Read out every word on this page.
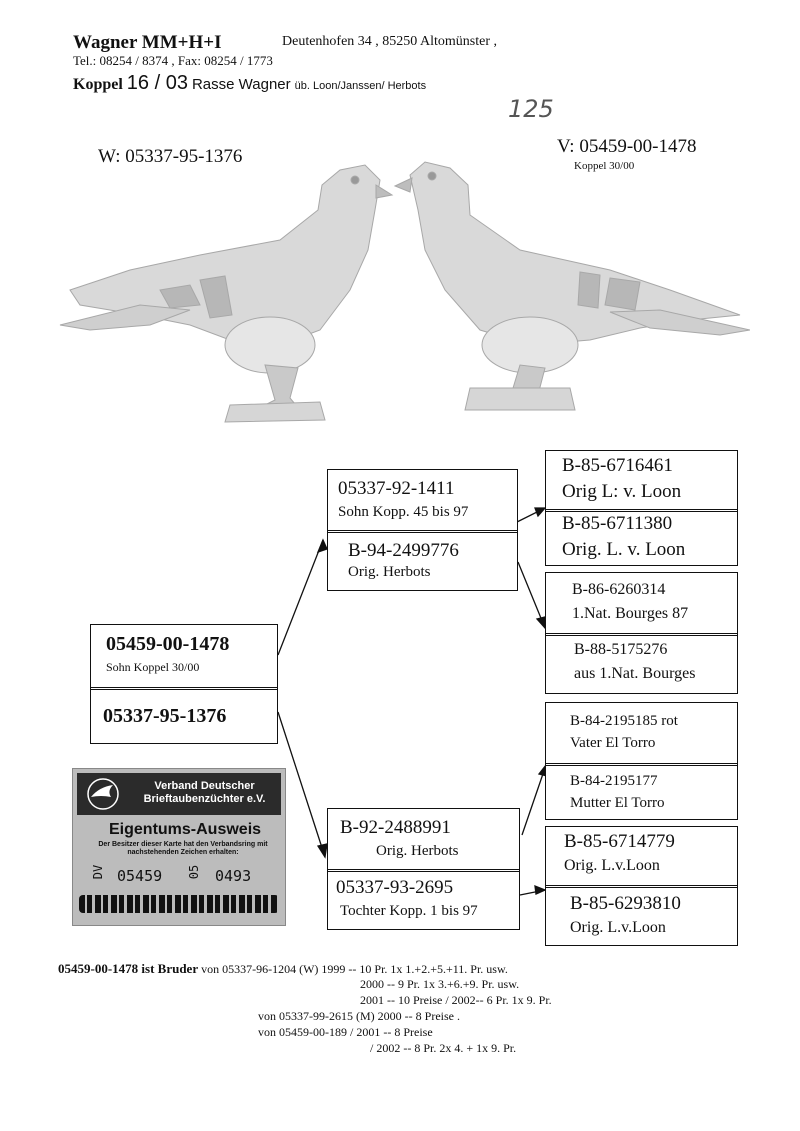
Wagner MM+H+I	Deutenhofen 34 , 85250 Altomünster ,
Tel.: 08254 / 8374 , Fax: 08254 / 1773
Koppel 16 / 03 Rasse Wagner üb. Loon/Janssen/ Herbots
125
W: 05337-95-1376	V: 05459-00-1478
Koppel 30/00
05459-00-1478
Sohn Koppel 30/00
05337-95-1376
05337-92-1411
Sohn Kopp. 45 bis 97
B-94-2499776
Orig. Herbots
B-92-2488991
Orig. Herbots
05337-93-2695
Tochter Kopp. 1 bis 97
B-85-6716461
Orig L: v. Loon
B-85-6711380
Orig. L. v. Loon
B-86-6260314
1.Nat. Bourges 87
B-88-5175276
aus 1.Nat. Bourges
B-84-2195185 rot
Vater El Torro
B-84-2195177
Mutter El Torro
B-85-6714779
Orig. L.v.Loon
B-85-6293810
Orig. L.v.Loon
Verband Deutscher
Brieftaubenzüchter e.V.
Eigentums-Ausweis
Der Besitzer dieser Karte hat den Verbandsring mit nachstehenden Zeichen erhalten:
DV 05459 05 0493
05459-00-1478 ist Bruder von 05337-96-1204 (W) 1999 -- 10 Pr. 1x 1.+2.+5.+11. Pr. usw.
2000 -- 9 Pr. 1x 3.+6.+9. Pr. usw.
2001 -- 10 Preise / 2002-- 6 Pr. 1x 9. Pr.
von 05337-99-2615 (M) 2000 -- 8 Preise .
von 05459-00-189 / 2001 -- 8 Preise
/ 2002 -- 8 Pr. 2x 4. + 1x 9. Pr.
